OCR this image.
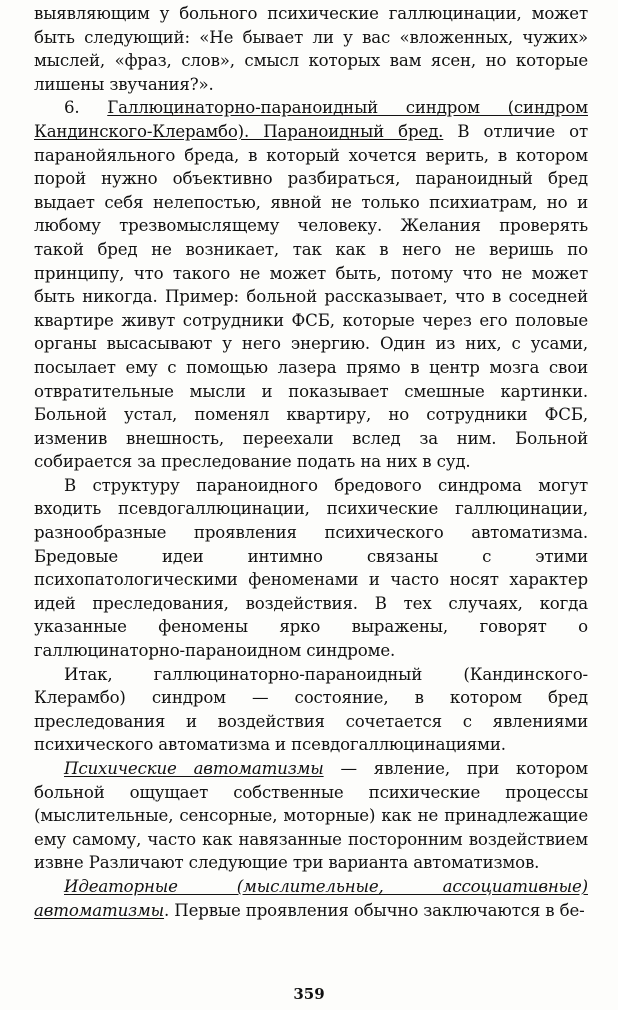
выявляющим у больного психические галлюцинации, может быть следующий: «Не бывает ли у вас «вложенных, чужих» мыслей, «фраз, слов», смысл которых вам ясен, но которые лишены звучания?».

6. Галлюцинаторно-параноидный синдром (синдром Кандинского-Клерамбо). Параноидный бред. В отличие от паранойяльного бреда, в который хочется верить, в котором порой нужно объективно разбираться, параноидный бред выдает себя нелепостью, явной не только психиатрам, но и любому трезвомыслящему человеку. Желания проверять такой бред не возникает, так как в него не веришь по принципу, что такого не может быть, потому что не может быть никогда. Пример: больной рассказывает, что в соседней квартире живут сотрудники ФСБ, которые через его половые органы высасывают у него энергию. Один из них, с усами, посылает ему с помощью лазера прямо в центр мозга свои отвратительные мысли и показывает смешные картинки. Больной устал, поменял квартиру, но сотрудники ФСБ, изменив внешность, переехали вслед за ним. Больной собирается за преследование подать на них в суд.

В структуру параноидного бредового синдрома могут входить псевдогаллюцинации, психические галлюцинации, разнообразные проявления психического автоматизма. Бредовые идеи интимно связаны с этими психопатологическими феноменами и часто носят характер идей преследования, воздействия. В тех случаях, когда указанные феномены ярко выражены, говорят о галлюцинаторно-параноидном синдроме.

Итак, галлюцинаторно-параноидный (Кандинского-Клерамбо) синдром — состояние, в котором бред преследования и воздействия сочетается с явлениями психического автоматизма и псевдогаллюцинациями.

Психические автоматизмы — явление, при котором больной ощущает собственные психические процессы (мыслительные, сенсорные, моторные) как не принадлежащие ему самому, часто как навязанные посторонним воздействием извне Различают следующие три варианта автоматизмов.

Идеаторные (мыслительные, ассоциативные) автоматизмы. Первые проявления обычно заключаются в бе-

359
